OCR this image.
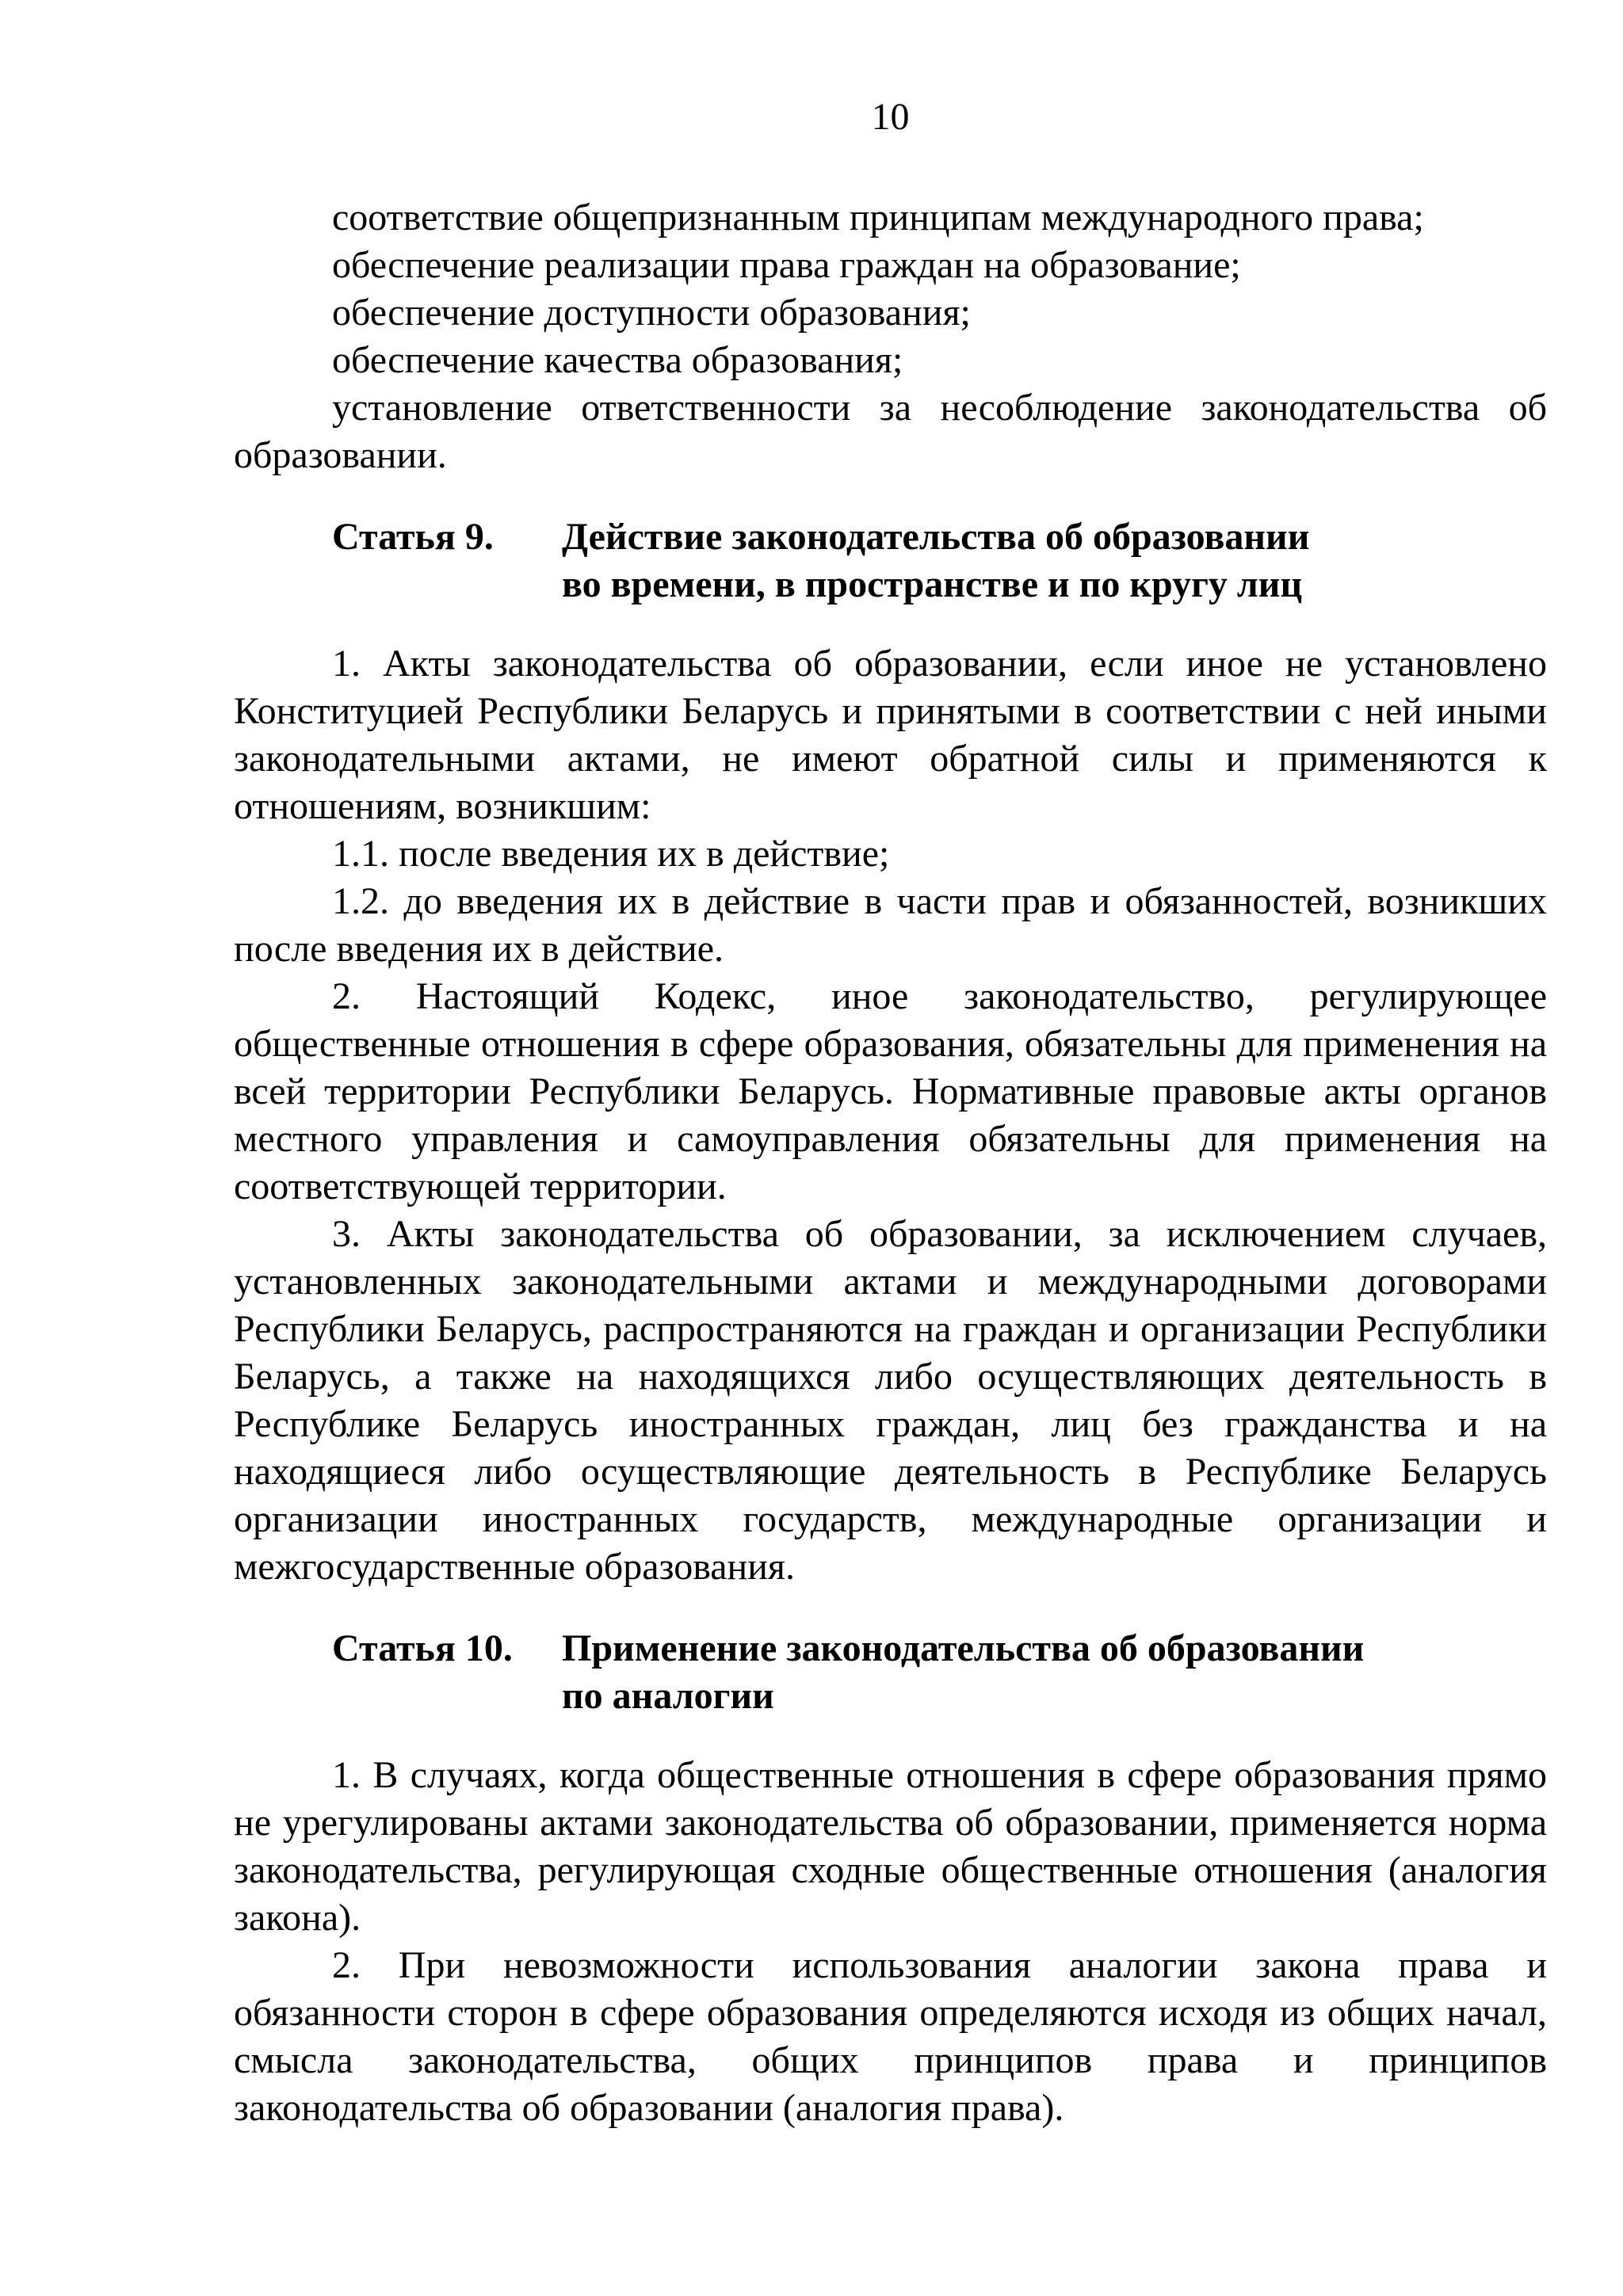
10

соответствие общепризнанным принципам международного права;

обеспечение реализации права граждан на образование;

обеспечение доступности образования;

обеспечение качества образования;

установление ответственности за несоблюдение законодательства об образовании.

Статья 9.	Действие законодательства об образовании
во времени, в пространстве и по кругу лиц

1. Акты законодательства об образовании, если иное не установлено Конституцией Республики Беларусь и принятыми в соответствии с ней иными законодательными актами, не имеют обратной силы и применяются к отношениям, возникшим:

1.1. после введения их в действие;

1.2. до введения их в действие в части прав и обязанностей, возникших после введения их в действие.

2. Настоящий Кодекс, иное законодательство, регулирующее общественные отношения в сфере образования, обязательны для применения на всей территории Республики Беларусь. Нормативные правовые акты органов местного управления и самоуправления обязательны для применения на соответствующей территории.

3. Акты законодательства об образовании, за исключением случаев, установленных законодательными актами и международными договорами Республики Беларусь, распространяются на граждан и организации Республики Беларусь, а также на находящихся либо осуществляющих деятельность в Республике Беларусь иностранных граждан, лиц без гражданства и на находящиеся либо осуществляющие деятельность в Республике Беларусь организации иностранных государств, международные организации и межгосударственные образования.

Статья 10.	Применение законодательства об образовании
по аналогии

1. В случаях, когда общественные отношения в сфере образования прямо не урегулированы актами законодательства об образовании, применяется норма законодательства, регулирующая сходные общественные отношения (аналогия закона).

2. При невозможности использования аналогии закона права и обязанности сторон в сфере образования определяются исходя из общих начал, смысла законодательства, общих принципов права и принципов законодательства об образовании (аналогия права).
